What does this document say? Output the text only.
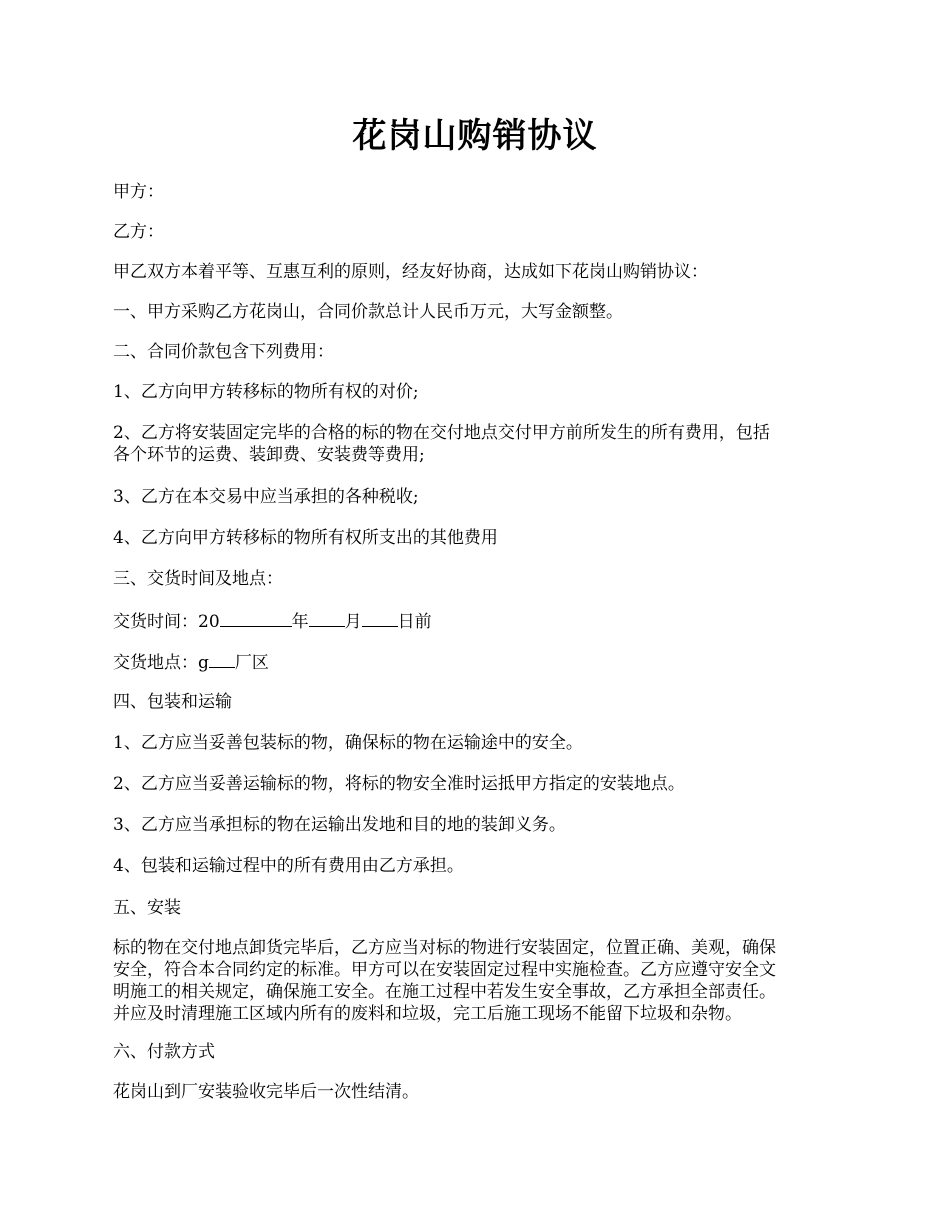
花岗山购销协议

甲方：

乙方：

甲乙双方本着平等、互惠互利的原则，经友好协商，达成如下花岗山购销协议：

一、甲方采购乙方花岗山，合同价款总计人民币万元，大写金额整。

二、合同价款包含下列费用：

1、乙方向甲方转移标的物所有权的对价;

2、乙方将安装固定完毕的合格的标的物在交付地点交付甲方前所发生的所有费用，包括
各个环节的运费、装卸费、安装费等费用;

3、乙方在本交易中应当承担的各种税收;

4、乙方向甲方转移标的物所有权所支出的其他费用

三、交货时间及地点：

交货时间：20	年 月 日前

交货地点：g 厂区

四、包装和运输

1、乙方应当妥善包装标的物，确保标的物在运输途中的安全。

2、乙方应当妥善运输标的物，将标的物安全准时运抵甲方指定的安装地点。

3、乙方应当承担标的物在运输出发地和目的地的装卸义务。

4、包装和运输过程中的所有费用由乙方承担。

五、安装

标的物在交付地点卸货完毕后，乙方应当对标的物进行安装固定，位置正确、美观，确保
安全，符合本合同约定的标准。甲方可以在安装固定过程中实施检查。乙方应遵守安全文
明施工的相关规定，确保施工安全。在施工过程中若发生安全事故，乙方承担全部责任。
并应及时清理施工区域内所有的废料和垃圾，完工后施工现场不能留下垃圾和杂物。

六、付款方式

花岗山到厂安装验收完毕后一次性结清。
